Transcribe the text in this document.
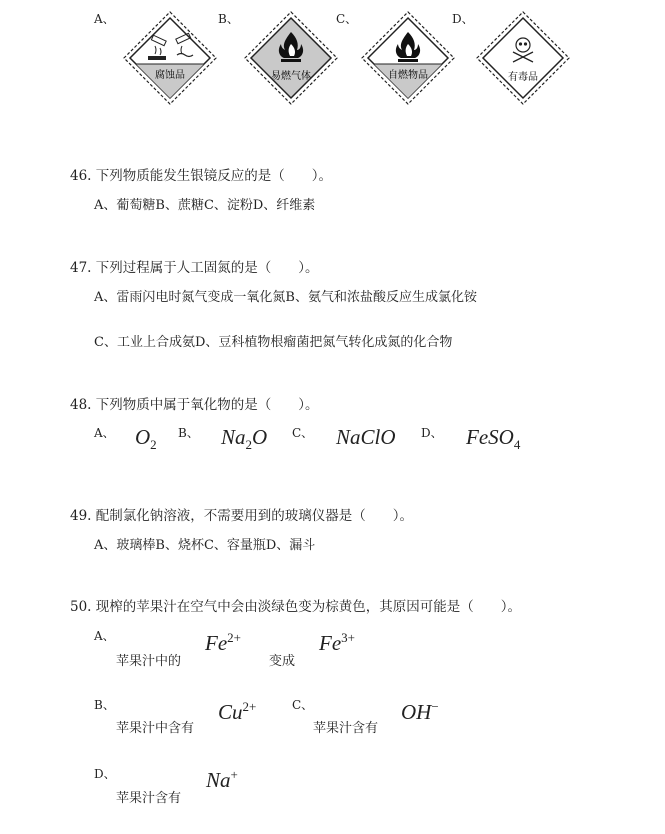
A、	B、	C、	D、
腐蚀品	易燃气体	自燃物品	有毒品
46. 下列物质能发生银镜反应的是（　　）。
A、葡萄糖B、蔗糖C、淀粉D、纤维素
47. 下列过程属于人工固氮的是（　　）。
A、雷雨闪电时氮气变成一氧化氮B、氨气和浓盐酸反应生成氯化铵
C、工业上合成氨D、豆科植物根瘤菌把氮气转化成氮的化合物
48. 下列物质中属于氧化物的是（　　）。
A、 $O_2$
B、 $Na_2O$ C、 NaClO D、 FeSO$_4$
49. 配制氯化钠溶液，不需要用到的玻璃仪器是（　　）。
A、玻璃棒B、烧杯C、容量瓶D、漏斗
50. 现榨的苹果汁在空气中会由淡绿色变为棕黄色，其原因可能是（　　）。
A、
苹果汁中的
$Fe^{2+}$
变成
$Fe^{3+}$
B、
苹果汁中含有
$Cu^{2+}$	C、
苹果汁含有
OH−
D、
苹果汁含有
Na+
